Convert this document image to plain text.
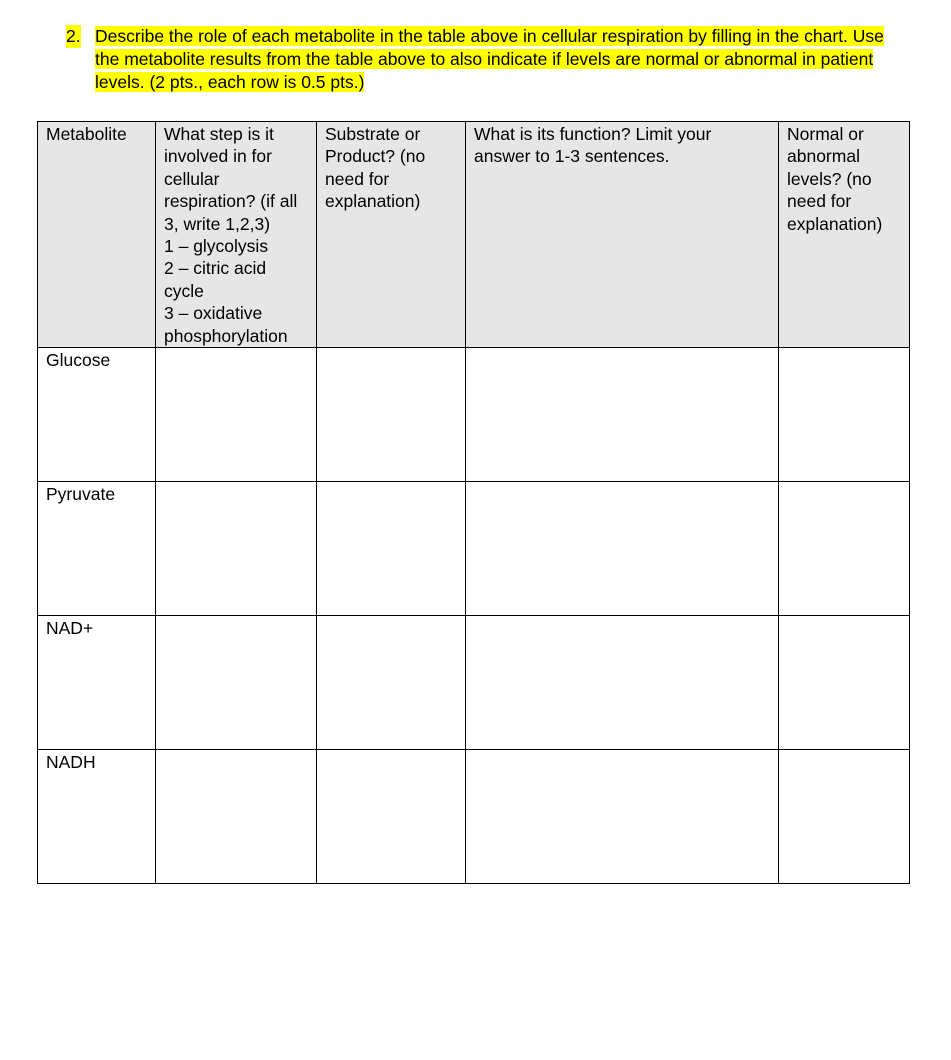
2. Describe the role of each metabolite in the table above in cellular respiration by filling in the chart. Use the metabolite results from the table above to also indicate if levels are normal or abnormal in patient levels. (2 pts., each row is 0.5 pts.)
Metabolite	What step is it involved in for cellular respiration? (if all 3, write 1,2,3)
1 – glycolysis
2 – citric acid cycle
3 – oxidative phosphorylation	Substrate or Product? (no need for explanation)	What is its function? Limit your answer to 1-3 sentences.	Normal or abnormal levels? (no need for explanation)
Glucose				
Pyruvate				
NAD+				
NADH				
